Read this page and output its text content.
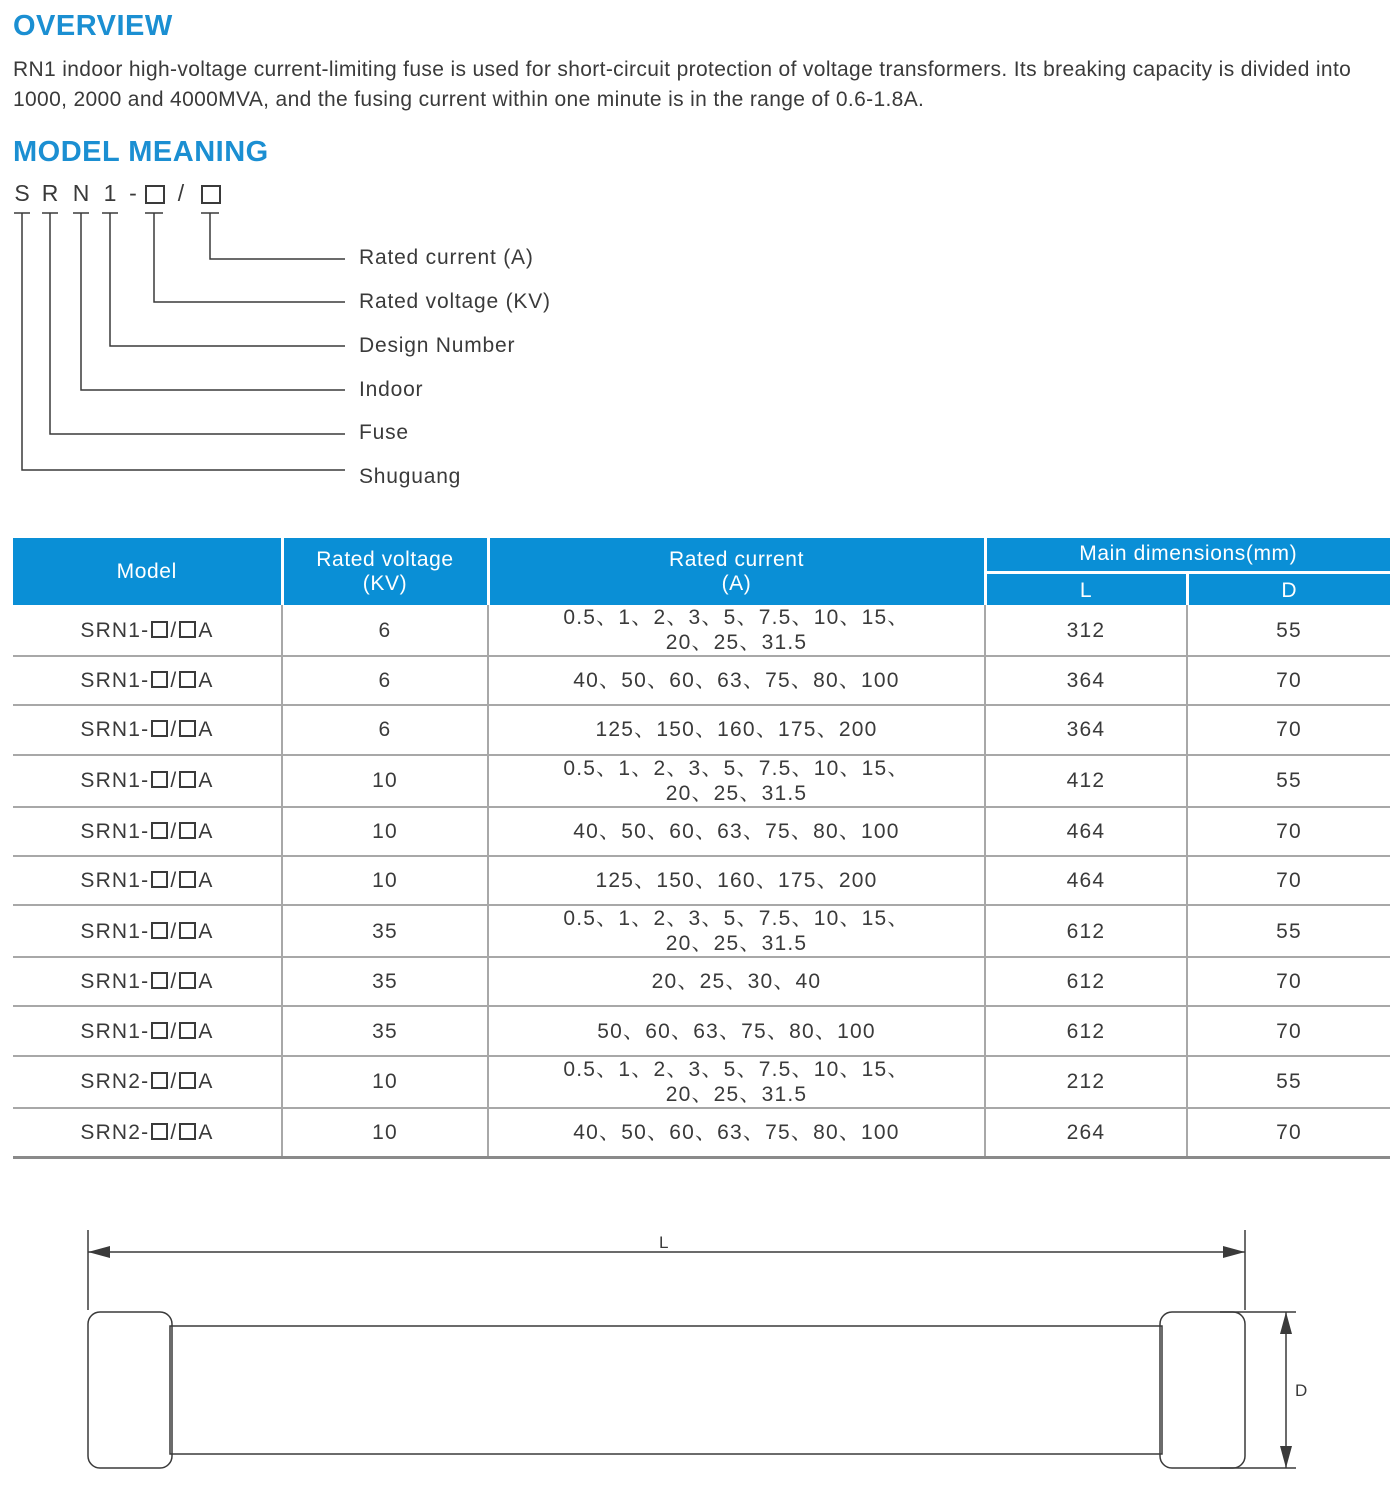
OVERVIEW

RN1 indoor high-voltage current-limiting fuse is used for short-circuit protection of voltage transformers. Its breaking capacity is divided into 1000, 2000 and 4000MVA, and the fusing current within one minute is in the range of 0.6-1.8A.

MODEL MEANING
S R N 1 - /
Rated current (A)
Rated voltage (KV)
Design Number
Indoor
Fuse
Shuguang
Model	Rated voltage (KV)	Rated current (A)	Main dimensions(mm)	
			L	D
SRN1- / A	6	0.5、1、2、3、5、7.5、10、15、20、25、31.5	312	55
SRN1- / A	6	40、50、60、63、75、80、100	364	70
SRN1- / A	6	125、150、160、175、200	364	70
SRN1- / A	10	0.5、1、2、3、5、7.5、10、15、20、25、31.5	412	55
SRN1- / A	10	40、50、60、63、75、80、100	464	70
SRN1- / A	10	125、150、160、175、200	464	70
SRN1- / A	35	0.5、1、2、3、5、7.5、10、15、20、25、31.5	612	55
SRN1- / A	35	20、25、30、40	612	70
SRN1- / A	35	50、60、63、75、80、100	612	70
SRN2- / A	10	0.5、1、2、3、5、7.5、10、15、20、25、31.5	212	55
SRN2- / A	10	40、50、60、63、75、80、100	264	70
L
D
